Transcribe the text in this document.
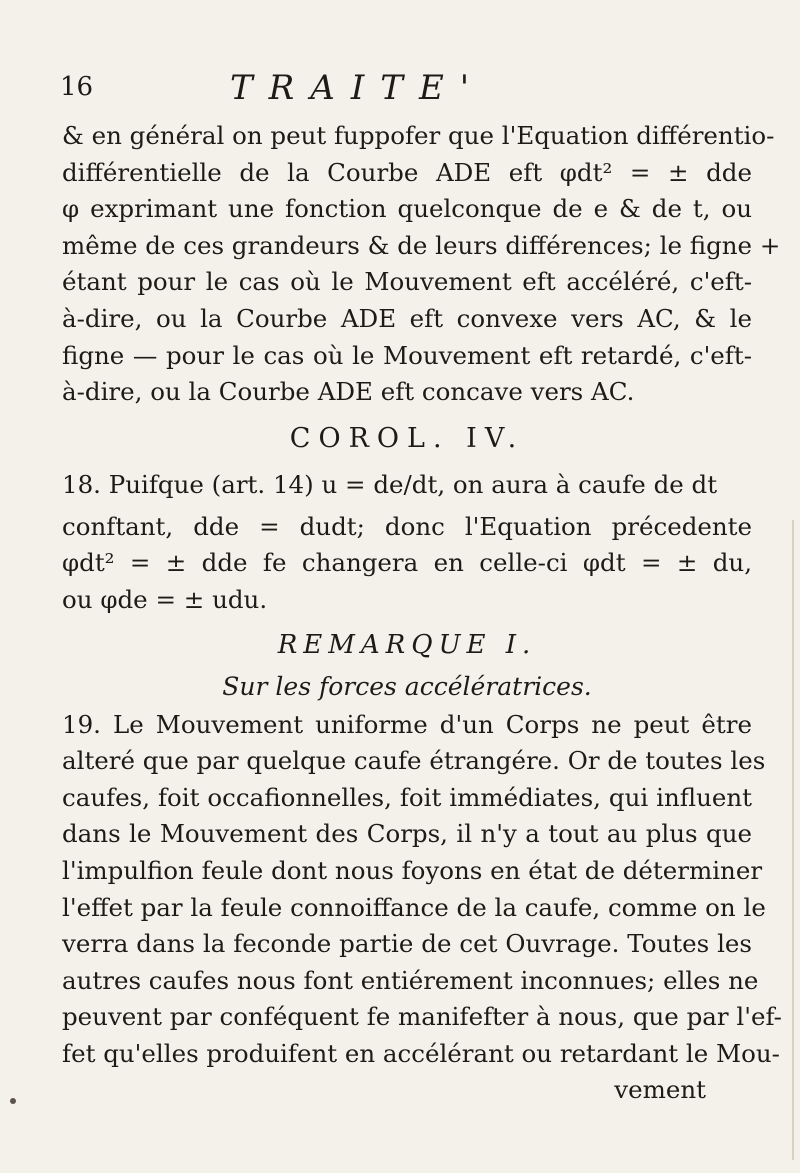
16	TRAITE'
& en général on peut fuppofer que l'Equation différentio-
différentielle de la Courbe ADE eft φdt² = ± dde
φ exprimant une fonction quelconque de e & de t, ou
même de ces grandeurs & de leurs différences; le figne +
étant pour le cas où le Mouvement eft accéléré, c'eft-
à-dire, ou la Courbe ADE eft convexe vers AC, & le
figne — pour le cas où le Mouvement eft retardé, c'eft-
à-dire, ou la Courbe ADE eft concave vers AC.
COROL. IV.
18. Puifque (art. 14) u = de/dt, on aura à caufe de dt
conftant, dde = dudt; donc l'Equation précedente
φdt² = ± dde fe changera en celle-ci φdt = ± du,
ou φde = ± udu.
REMARQUE I.
Sur les forces accélératrices.
19. Le Mouvement uniforme d'un Corps ne peut être
alteré que par quelque caufe étrangére. Or de toutes les
caufes, foit occafionnelles, foit immédiates, qui influent
dans le Mouvement des Corps, il n'y a tout au plus que
l'impulfion feule dont nous foyons en état de déterminer
l'effet par la feule connoiffance de la caufe, comme on le
verra dans la feconde partie de cet Ouvrage. Toutes les
autres caufes nous font entiérement inconnues; elles ne
peuvent par conféquent fe manifefter à nous, que par l'ef-
fet qu'elles produifent en accélérant ou retardant le Mou-
vement
